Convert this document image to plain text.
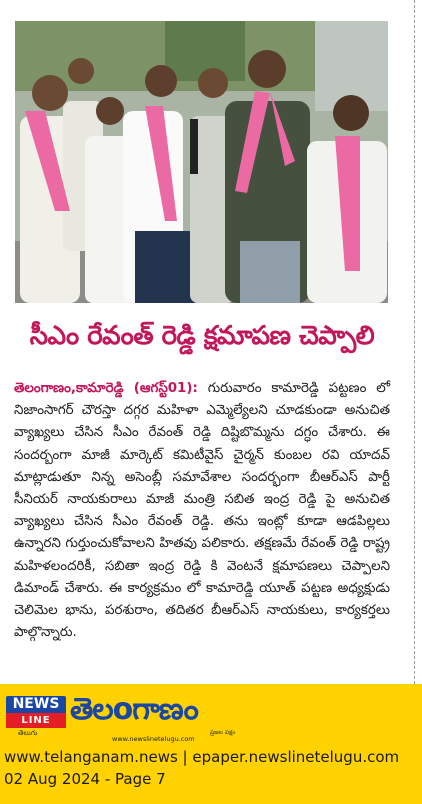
సీఎం రేవంత్ రెడ్డి క్షమాపణ చెప్పాలి
తెలంగాణం,కామారెడ్డి (ఆగస్ట్01): గురువారం కామారెడ్డి పట్టణం లో నిజాంసాగర్ చౌరస్తా దగ్గర మహిళా ఎమ్మెల్యేలని చూడకుండా అనుచిత వ్యాఖ్యలు చేసిన సీఎం రేవంత్ రెడ్డి దిష్టిబొమ్మను దగ్ధం చేశారు. ఈ సందర్బంగా మాజీ మార్కెట్ కమిటీవైస్ చైర్మన్ కుంబల రవి యాదవ్ మాట్లాడుతూ నిన్న అసెంబ్లీ సమావేశాల సందర్భంగా బీఆర్ఎస్ పార్టీ సీనియర్ నాయకురాలు మాజీ మంత్రి సబిత ఇంద్ర రెడ్డి పై అనుచిత వ్యాఖ్యలు చేసిన సీఎం రేవంత్ రెడ్డి. తను ఇంట్లో కూడా ఆడపిల్లలు ఉన్నారని గుర్తుంచుకోవాలని హితవు పలికారు. తక్షణమే రేవంత్ రెడ్డి రాష్ట్ర మహిళలందరికీ, సబితా ఇంద్ర రెడ్డి కి వెంటనే క్షమాపణలు చెప్పాలని డిమాండ్ చేశారు. ఈ కార్యక్రమం లో కామారెడ్డి యూత్ పట్టణ అధ్యక్షుడు చెలిమెల భాను, పరశురాం, తదితర బీఆర్ఎస్ నాయకులు, కార్యకర్తలు పాల్గొన్నారు.
NEWS
LINE
తెలుగు
తెలoగాణం
www.newslinetelugu.com
ప్రజల పక్షం
www.telanganam.news | epaper.newslinetelugu.com
02 Aug 2024 - Page 7
